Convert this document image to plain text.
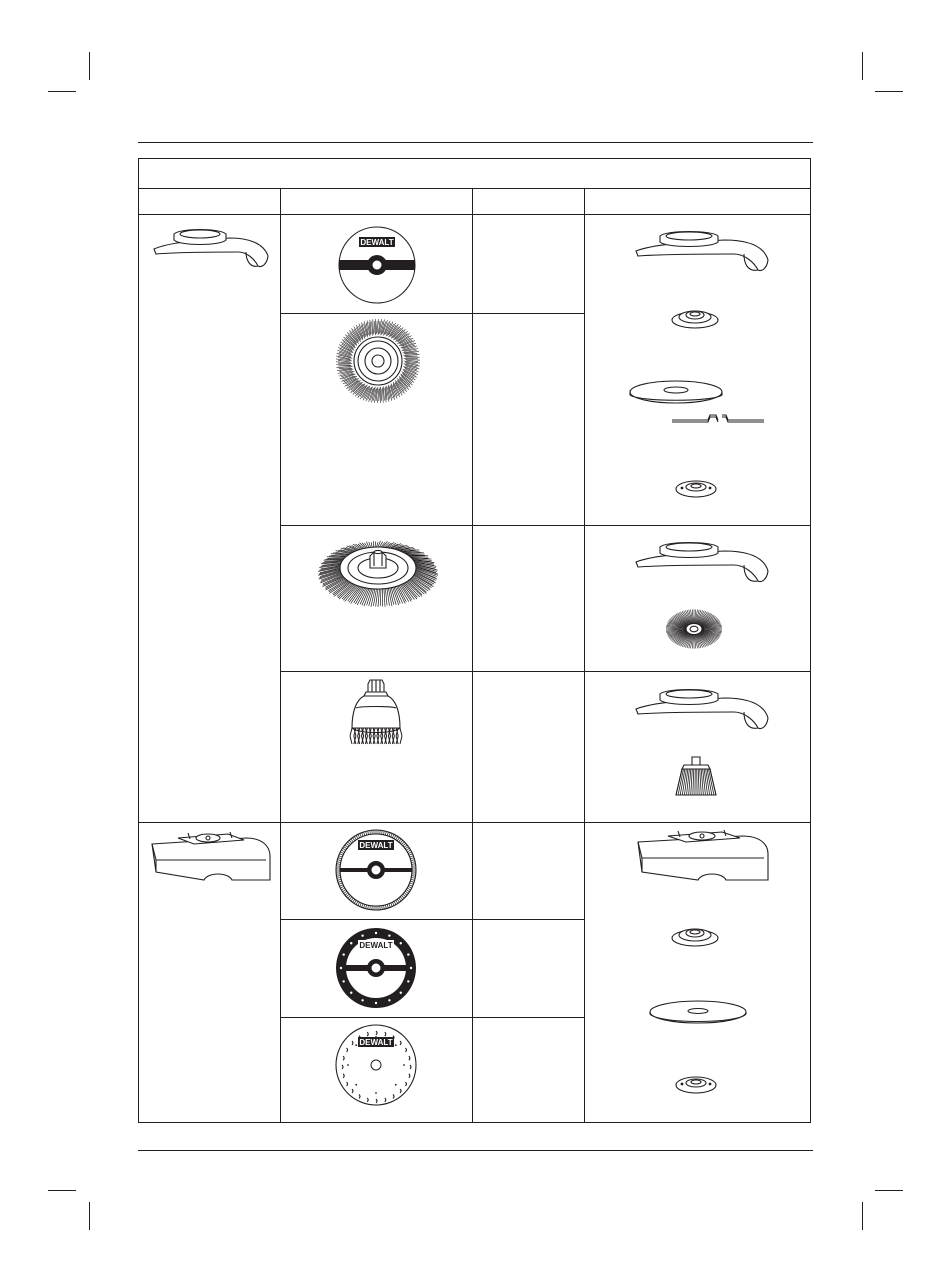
DEWALT
DEWALT
DEWALT
DEWALT
